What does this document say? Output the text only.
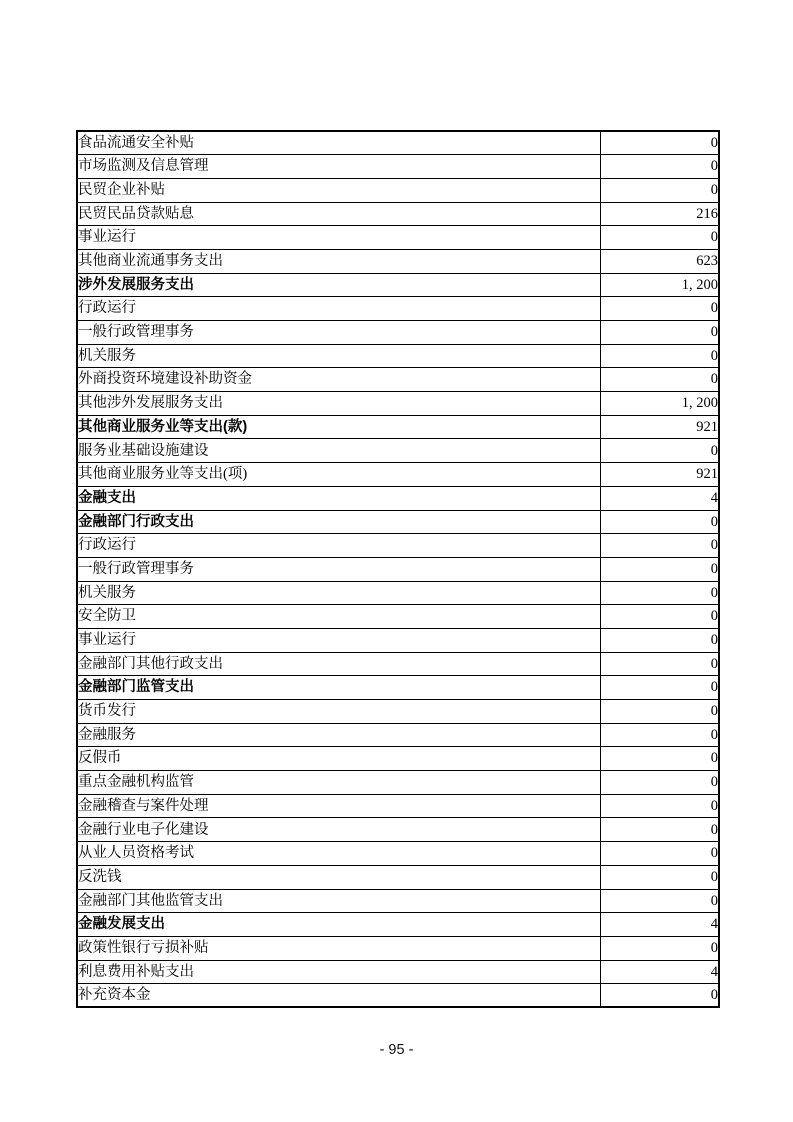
食品流通安全补贴	0
市场监测及信息管理	0
民贸企业补贴	0
民贸民品贷款贴息	216
事业运行	0
其他商业流通事务支出	623
涉外发展服务支出	1, 200
行政运行	0
一般行政管理事务	0
机关服务	0
外商投资环境建设补助资金	0
其他涉外发展服务支出	1, 200
其他商业服务业等支出(款)	921
服务业基础设施建设	0
其他商业服务业等支出(项)	921
金融支出	4
金融部门行政支出	0
行政运行	0
一般行政管理事务	0
机关服务	0
安全防卫	0
事业运行	0
金融部门其他行政支出	0
金融部门监管支出	0
货币发行	0
金融服务	0
反假币	0
重点金融机构监管	0
金融稽查与案件处理	0
金融行业电子化建设	0
从业人员资格考试	0
反洗钱	0
金融部门其他监管支出	0
金融发展支出	4
政策性银行亏损补贴	0
利息费用补贴支出	4
补充资本金	0
- 95 -
